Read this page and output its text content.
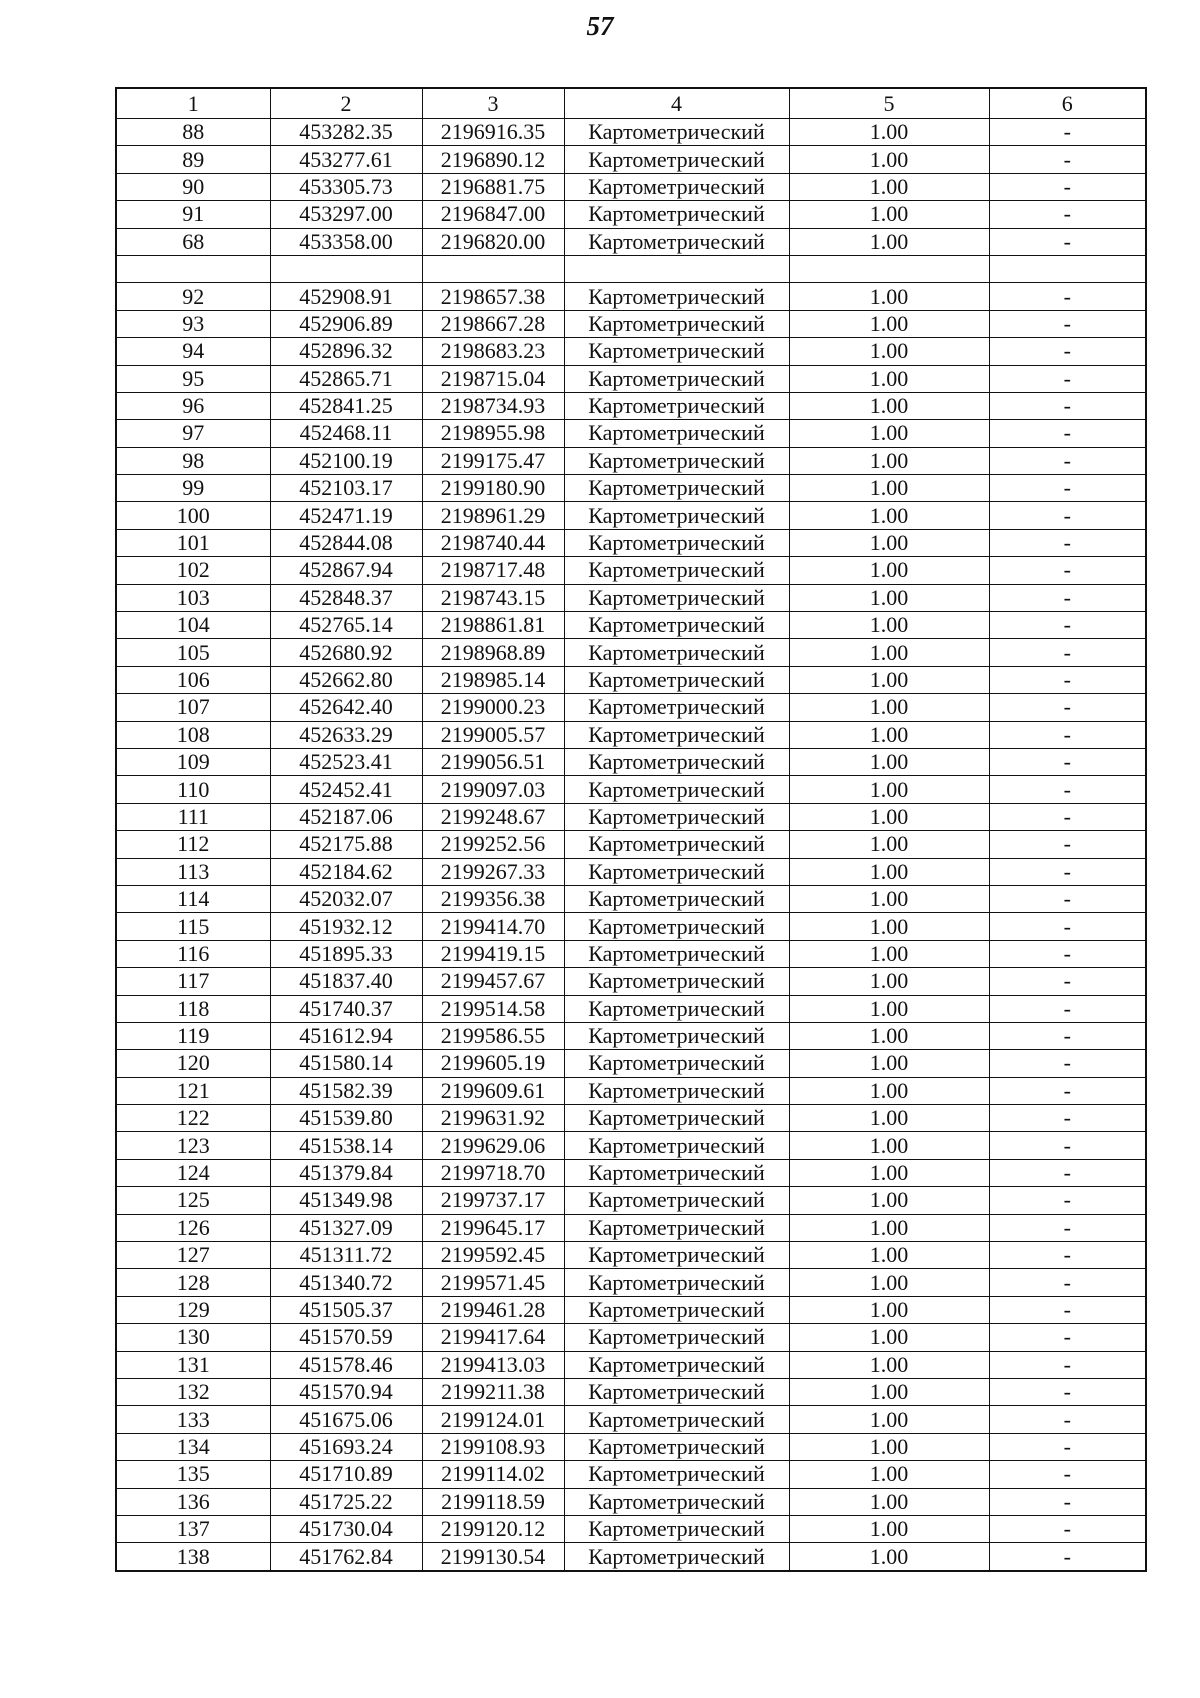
57
1	2	3	4	5	6
88	453282.35	2196916.35	Картометрический	1.00	-
89	453277.61	2196890.12	Картометрический	1.00	-
90	453305.73	2196881.75	Картометрический	1.00	-
91	453297.00	2196847.00	Картометрический	1.00	-
68	453358.00	2196820.00	Картометрический	1.00	-

92	452908.91	2198657.38	Картометрический	1.00	-
93	452906.89	2198667.28	Картометрический	1.00	-
94	452896.32	2198683.23	Картометрический	1.00	-
95	452865.71	2198715.04	Картометрический	1.00	-
96	452841.25	2198734.93	Картометрический	1.00	-
97	452468.11	2198955.98	Картометрический	1.00	-
98	452100.19	2199175.47	Картометрический	1.00	-
99	452103.17	2199180.90	Картометрический	1.00	-
100	452471.19	2198961.29	Картометрический	1.00	-
101	452844.08	2198740.44	Картометрический	1.00	-
102	452867.94	2198717.48	Картометрический	1.00	-
103	452848.37	2198743.15	Картометрический	1.00	-
104	452765.14	2198861.81	Картометрический	1.00	-
105	452680.92	2198968.89	Картометрический	1.00	-
106	452662.80	2198985.14	Картометрический	1.00	-
107	452642.40	2199000.23	Картометрический	1.00	-
108	452633.29	2199005.57	Картометрический	1.00	-
109	452523.41	2199056.51	Картометрический	1.00	-
110	452452.41	2199097.03	Картометрический	1.00	-
111	452187.06	2199248.67	Картометрический	1.00	-
112	452175.88	2199252.56	Картометрический	1.00	-
113	452184.62	2199267.33	Картометрический	1.00	-
114	452032.07	2199356.38	Картометрический	1.00	-
115	451932.12	2199414.70	Картометрический	1.00	-
116	451895.33	2199419.15	Картометрический	1.00	-
117	451837.40	2199457.67	Картометрический	1.00	-
118	451740.37	2199514.58	Картометрический	1.00	-
119	451612.94	2199586.55	Картометрический	1.00	-
120	451580.14	2199605.19	Картометрический	1.00	-
121	451582.39	2199609.61	Картометрический	1.00	-
122	451539.80	2199631.92	Картометрический	1.00	-
123	451538.14	2199629.06	Картометрический	1.00	-
124	451379.84	2199718.70	Картометрический	1.00	-
125	451349.98	2199737.17	Картометрический	1.00	-
126	451327.09	2199645.17	Картометрический	1.00	-
127	451311.72	2199592.45	Картометрический	1.00	-
128	451340.72	2199571.45	Картометрический	1.00	-
129	451505.37	2199461.28	Картометрический	1.00	-
130	451570.59	2199417.64	Картометрический	1.00	-
131	451578.46	2199413.03	Картометрический	1.00	-
132	451570.94	2199211.38	Картометрический	1.00	-
133	451675.06	2199124.01	Картометрический	1.00	-
134	451693.24	2199108.93	Картометрический	1.00	-
135	451710.89	2199114.02	Картометрический	1.00	-
136	451725.22	2199118.59	Картометрический	1.00	-
137	451730.04	2199120.12	Картометрический	1.00	-
138	451762.84	2199130.54	Картометрический	1.00	-
